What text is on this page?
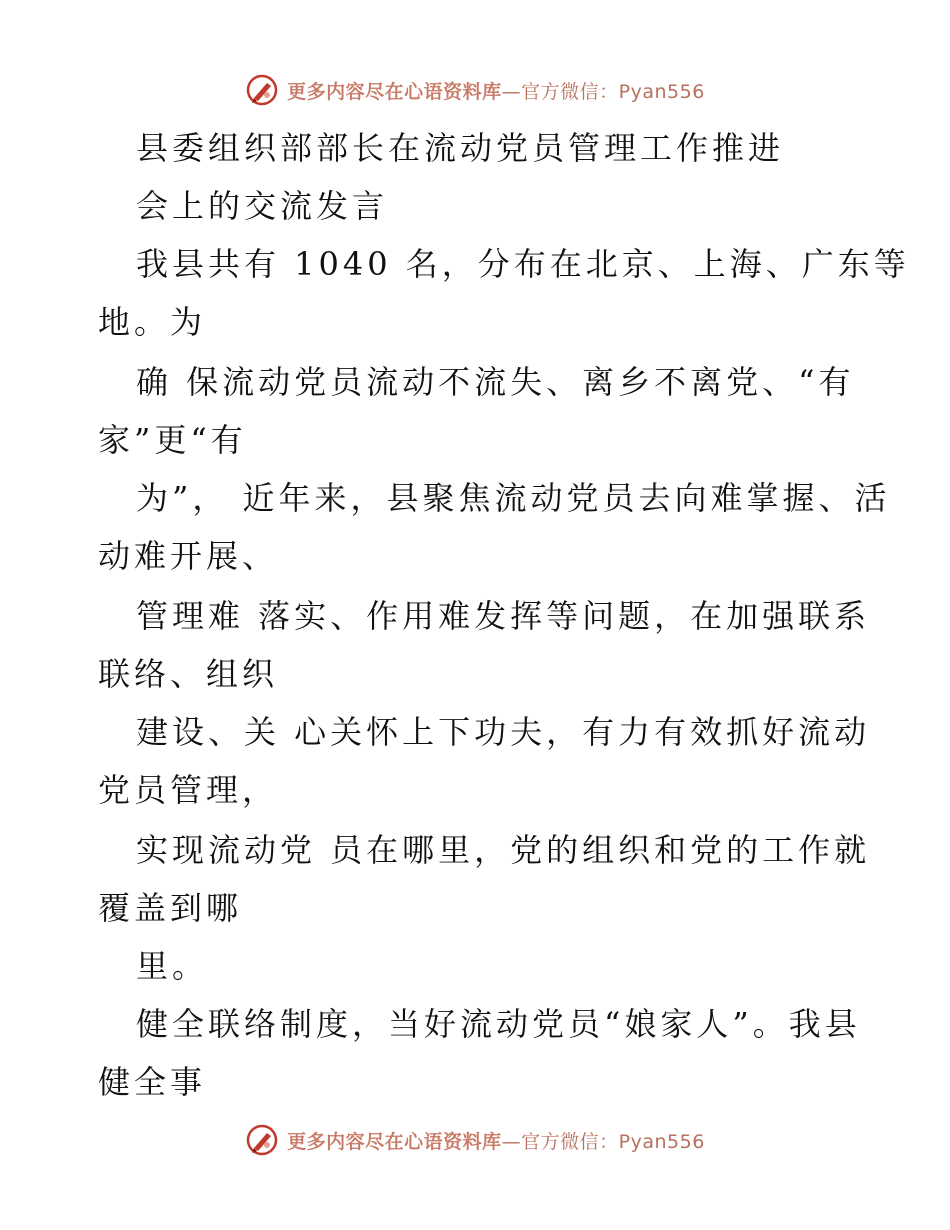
更多内容尽在心语资料库—官方微信：Pyan556
县委组织部部长在流动党员管理工作推进
会上的交流发言
我县共有 1040 名，分布在北京、上海、广东等
地。为
确 保流动党员流动不流失、离乡不离党、“有
家”更“有
为”， 近年来，县聚焦流动党员去向难掌握、活
动难开展、
管理难 落实、作用难发挥等问题，在加强联系
联络、组织
建设、关 心关怀上下功夫，有力有效抓好流动
党员管理，
实现流动党 员在哪里，党的组织和党的工作就
覆盖到哪
里。
健全联络制度，当好流动党员“娘家人”。我县
健全事
更多内容尽在心语资料库—官方微信：Pyan556
